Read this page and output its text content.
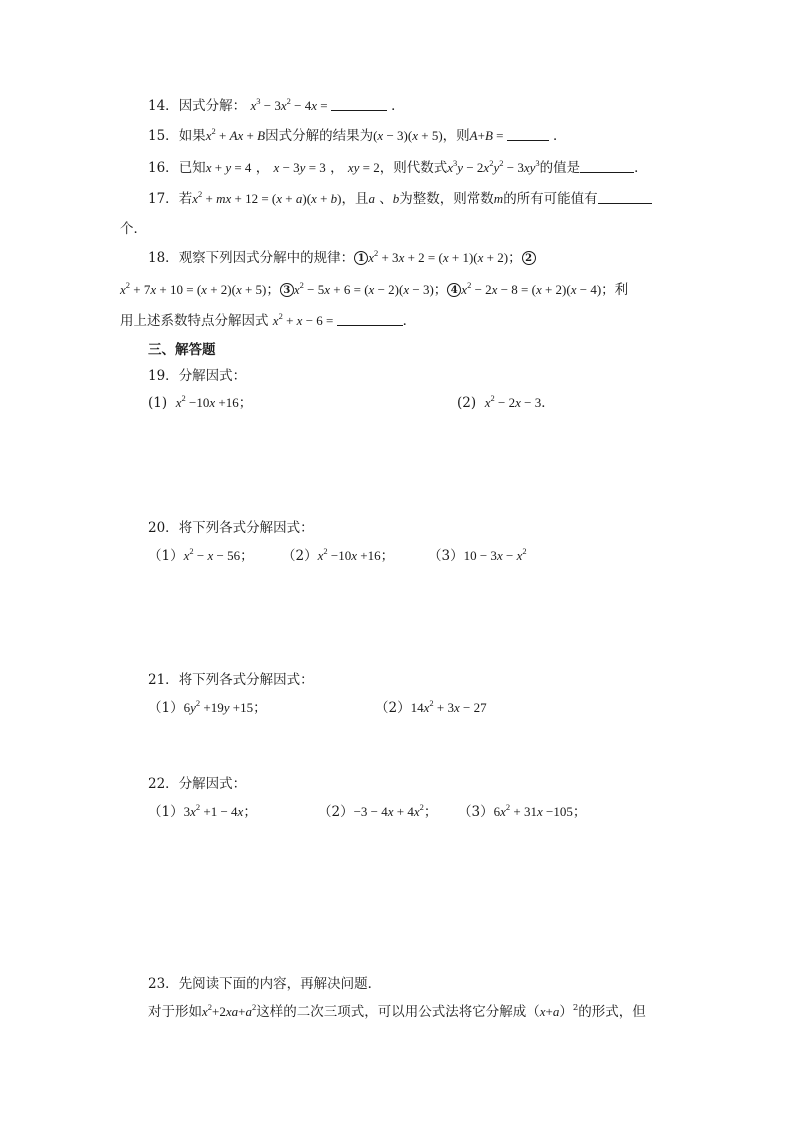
14．因式分解： $x^3 - 3x^2 - 4x$ =	．
15．如果$x^2 + Ax + B$因式分解的结果为(x − 3)(x + 5)，则A+B =	．
16．已知x + y = 4 ， x − 3y = 3 ， xy = 2，则代数式$x^3y - 2x^2y^2 - 3xy^3$的值是	．
17．若$x^2$ + mx + 12 = (x + a)(x + b)，且a 、b为整数，则常数m的所有可能值有
个．
18．观察下列因式分解中的规律： 1 $x^2 + 3x + 2 = (x + 1)(x + 2)$； 2
$x^2 + 7x + 10 = (x + 2)(x + 5)$； 3 $x^2 - 5x + 6 = (x - 2)(x - 3)$； 4 $x^2 - 2x - 8 = (x + 2)(x - 4)$；利
用上述系数特点分解因式 $x^2 + x - 6$ =	．
三、解答题
19．分解因式：
(1) $x^2 -10x +16$；	(2) $x^2 - 2x - 3$．
20．将下列各式分解因式：
$(1)x^2 - x - 56$； $(2)x^2 -10x +16$；	$(3)10 - 3x - x^2$
21．将下列各式分解因式：
$(1)6y^2 +19y +15$；	$(2)14x^2 + 3x - 27$
22．分解因式：
$(1)3x^2 +1 - 4x$；	$(2)-3 - 4x + 4x^2$； $(3)6x^2 + 31x -105$；
23．先阅读下面的内容，再解决问题．
对于形如$x^2+2xa+a^2$这样的二次三项式，可以用公式法将它分解成$(x+a)^2$的形式，但
